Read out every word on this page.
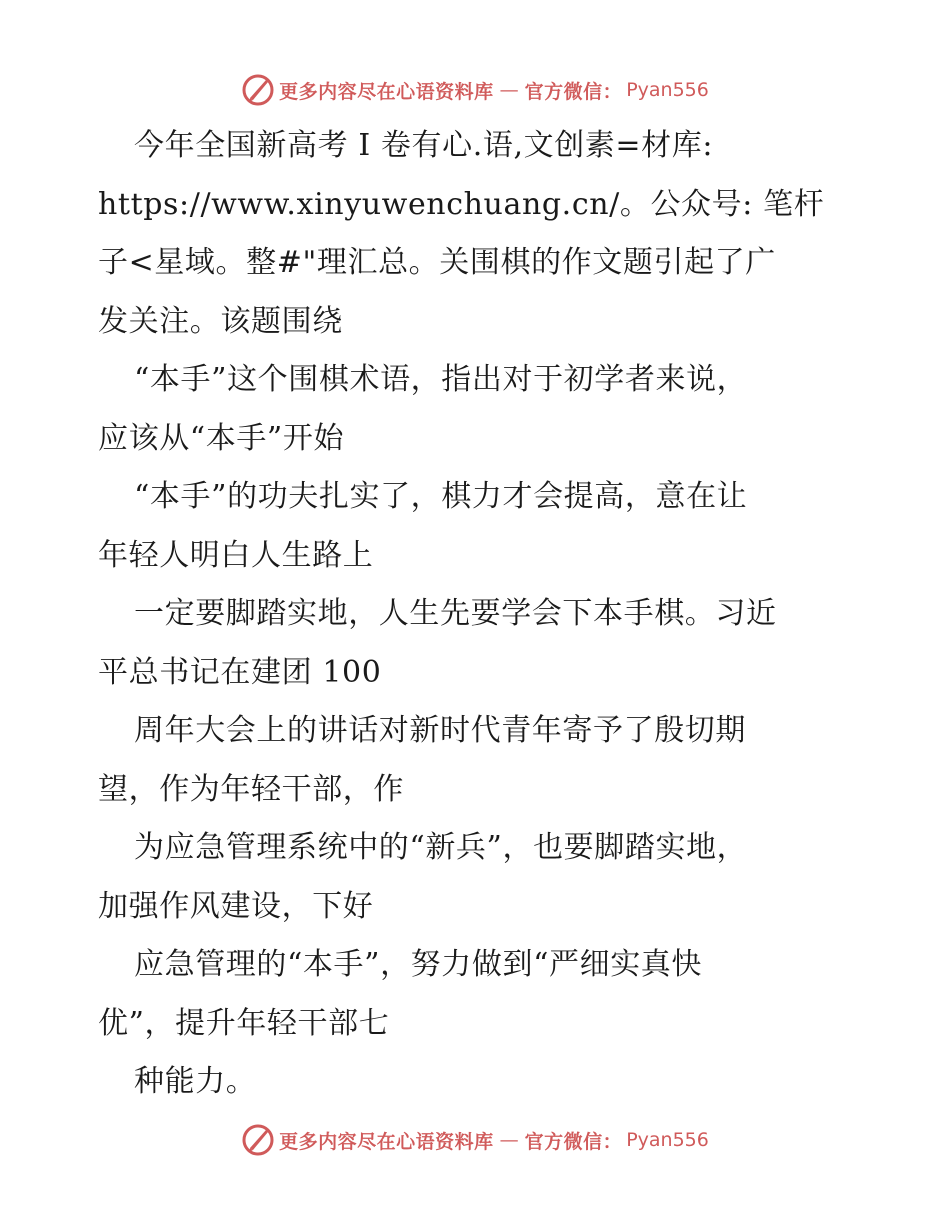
更多内容尽在心语资料库 — 官方微信： Pyan556
今年全国新高考 Ⅰ 卷有心.语,文创素=材库:
https://www.xinyuwenchuang.cn/。公众号: 笔杆
子<星域。整#"理汇总。关围棋的作文题引起了广
发关注。该题围绕
“本手”这个围棋术语，指出对于初学者来说，
应该从“本手”开始
“本手”的功夫扎实了，棋力才会提高，意在让
年轻人明白人生路上
一定要脚踏实地，人生先要学会下本手棋。习近
平总书记在建团 100
周年大会上的讲话对新时代青年寄予了殷切期
望，作为年轻干部，作
为应急管理系统中的“新兵”，也要脚踏实地，
加强作风建设，下好
应急管理的“本手”，努力做到“严细实真快
优”，提升年轻干部七
种能力。
更多内容尽在心语资料库 — 官方微信： Pyan556
